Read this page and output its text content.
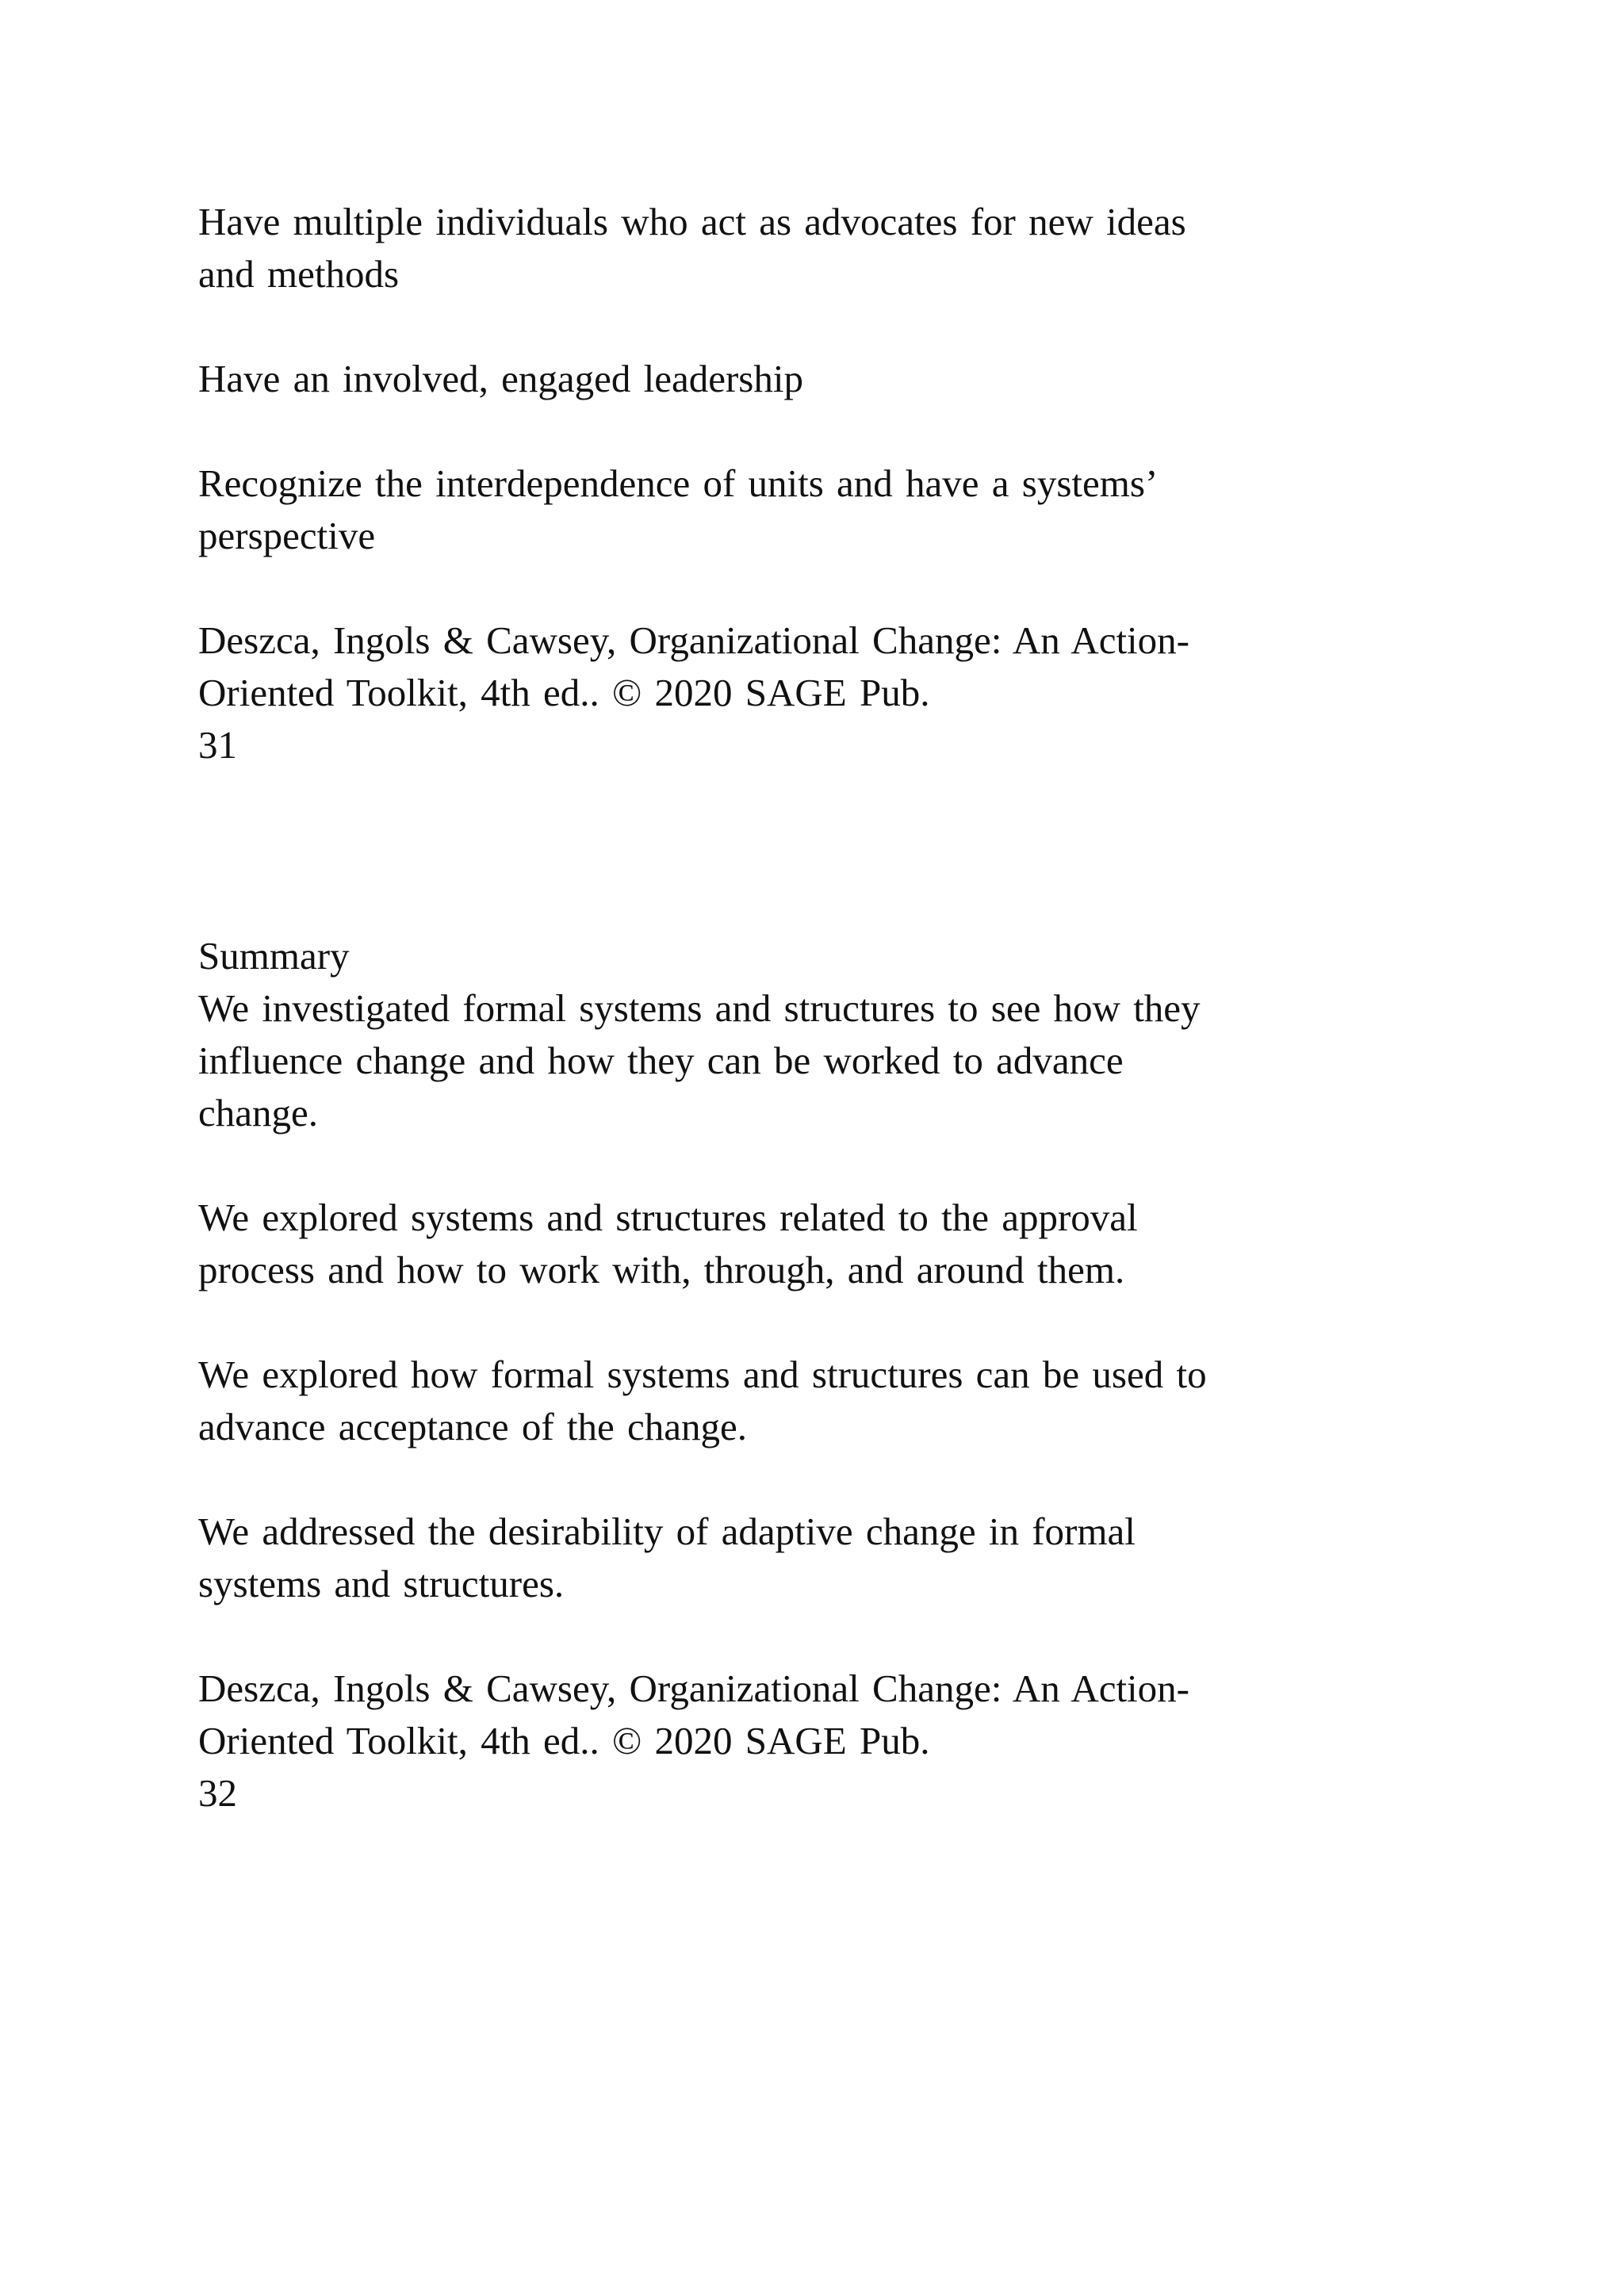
Have multiple individuals who act as advocates for new ideas
and methods

Have an involved, engaged leadership

Recognize the interdependence of units and have a systems’
perspective

Deszca, Ingols & Cawsey, Organizational Change: An Action-
Oriented Toolkit, 4th ed.. © 2020 SAGE Pub.

31

Summary

We investigated formal systems and structures to see how they
influence change and how they can be worked to advance
change.

We explored systems and structures related to the approval
process and how to work with, through, and around them.

We explored how formal systems and structures can be used to
advance acceptance of the change.

We addressed the desirability of adaptive change in formal
systems and structures.

Deszca, Ingols & Cawsey, Organizational Change: An Action-
Oriented Toolkit, 4th ed.. © 2020 SAGE Pub.

32
